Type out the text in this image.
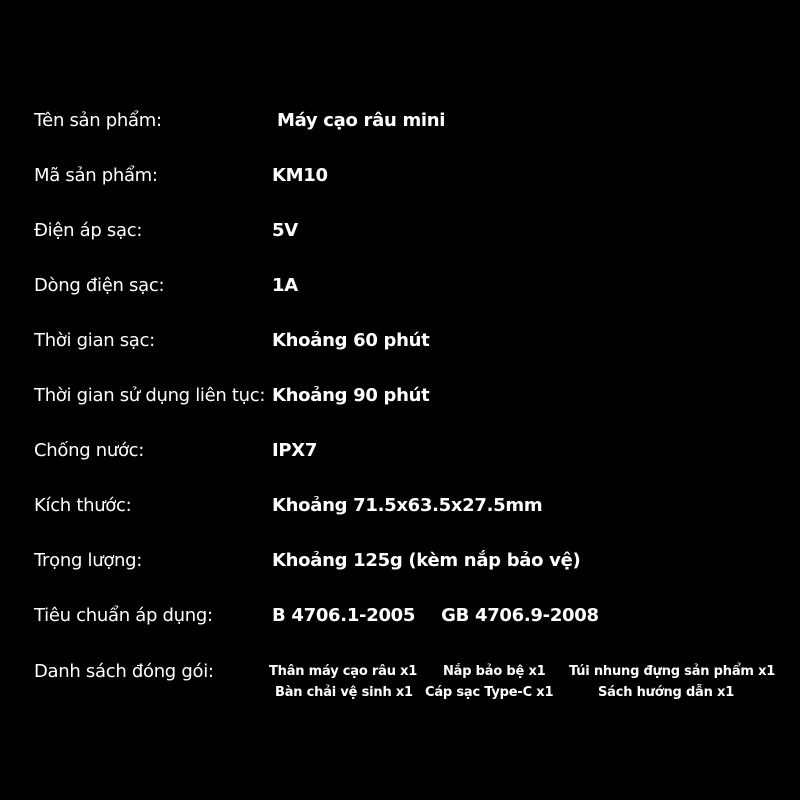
Tên sản phẩm:	Máy cạo râu mini
Mã sản phẩm:	KM10
Điện áp sạc:	5V
Dòng điện sạc:	1A
Thời gian sạc:	Khoảng 60 phút
Thời gian sử dụng liên tục: Khoảng 90 phút
Chống nước:	IPX7
Kích thước:	Khoảng 71.5x63.5x27.5mm
Trọng lượng:	Khoảng 125g (kèm nắp bảo vệ)
Tiêu chuẩn áp dụng:	B 4706.1-2005 GB 4706.9-2008
Danh sách đóng gói:	Thân máy cạo râu x1 Nắp bảo bệ x1 Túi nhung đựng sản phẩm x1
Bàn chải vệ sinh x1 Cáp sạc Type-C x1	Sách hướng dẫn x1
